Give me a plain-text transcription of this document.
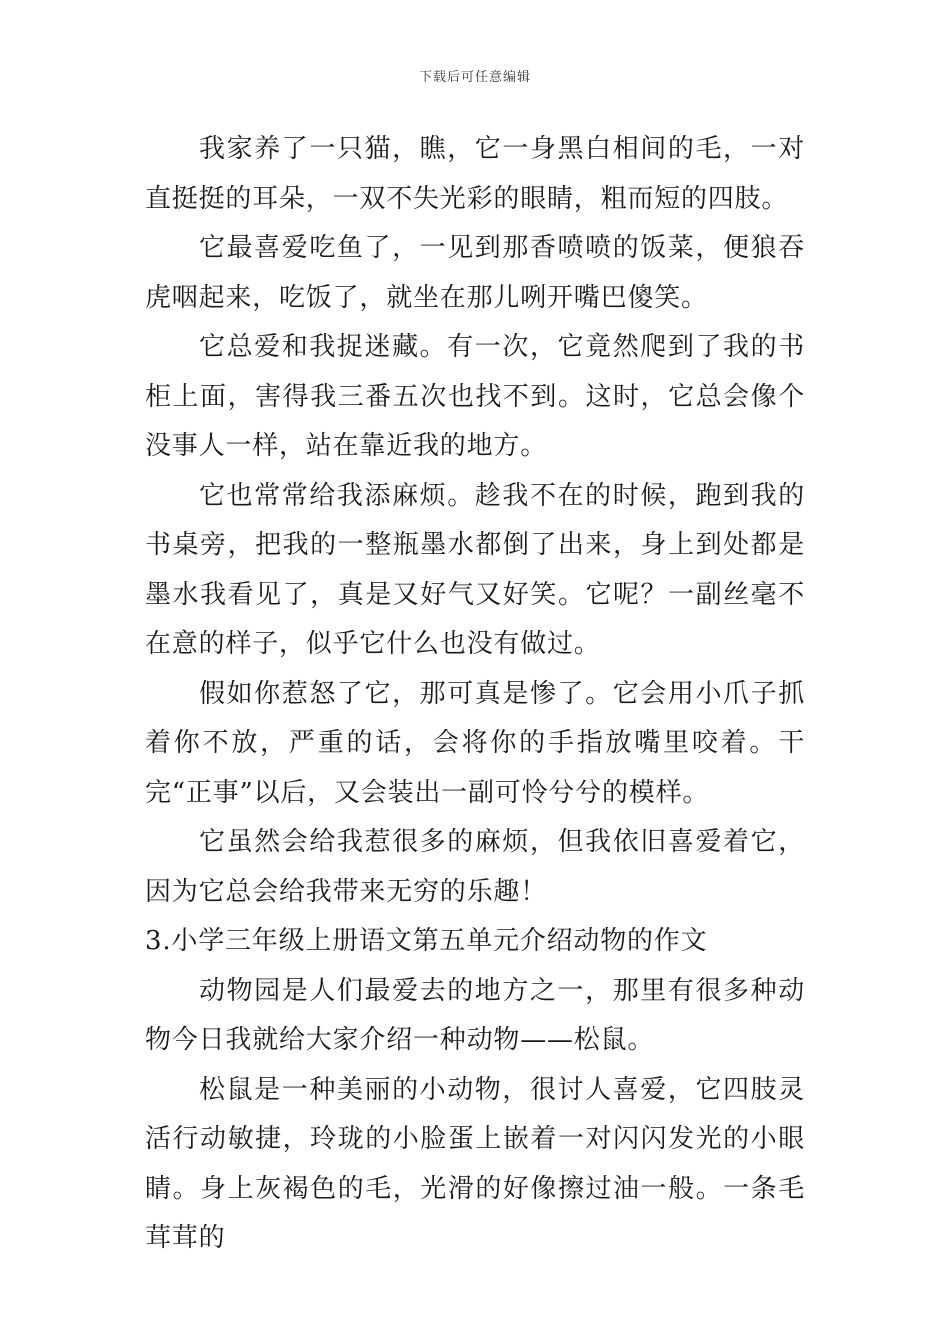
下载后可任意编辑

我家养了一只猫，瞧，它一身黑白相间的毛，一对直挺挺的耳朵，一双不失光彩的眼睛，粗而短的四肢。

它最喜爱吃鱼了，一见到那香喷喷的饭菜，便狼吞虎咽起来，吃饭了，就坐在那儿咧开嘴巴傻笑。

它总爱和我捉迷藏。有一次，它竟然爬到了我的书柜上面，害得我三番五次也找不到。这时，它总会像个没事人一样，站在靠近我的地方。

它也常常给我添麻烦。趁我不在的时候，跑到我的书桌旁，把我的一整瓶墨水都倒了出来，身上到处都是墨水我看见了，真是又好气又好笑。它呢？一副丝毫不在意的样子，似乎它什么也没有做过。

假如你惹怒了它，那可真是惨了。它会用小爪子抓着你不放，严重的话，会将你的手指放嘴里咬着。干完“正事”以后，又会装出一副可怜兮兮的模样。

它虽然会给我惹很多的麻烦，但我依旧喜爱着它，因为它总会给我带来无穷的乐趣！

3.小学三年级上册语文第五单元介绍动物的作文

动物园是人们最爱去的地方之一，那里有很多种动物今日我就给大家介绍一种动物——松鼠。

松鼠是一种美丽的小动物，很讨人喜爱，它四肢灵活行动敏捷，玲珑的小脸蛋上嵌着一对闪闪发光的小眼睛。身上灰褐色的毛，光滑的好像擦过油一般。一条毛茸茸的
